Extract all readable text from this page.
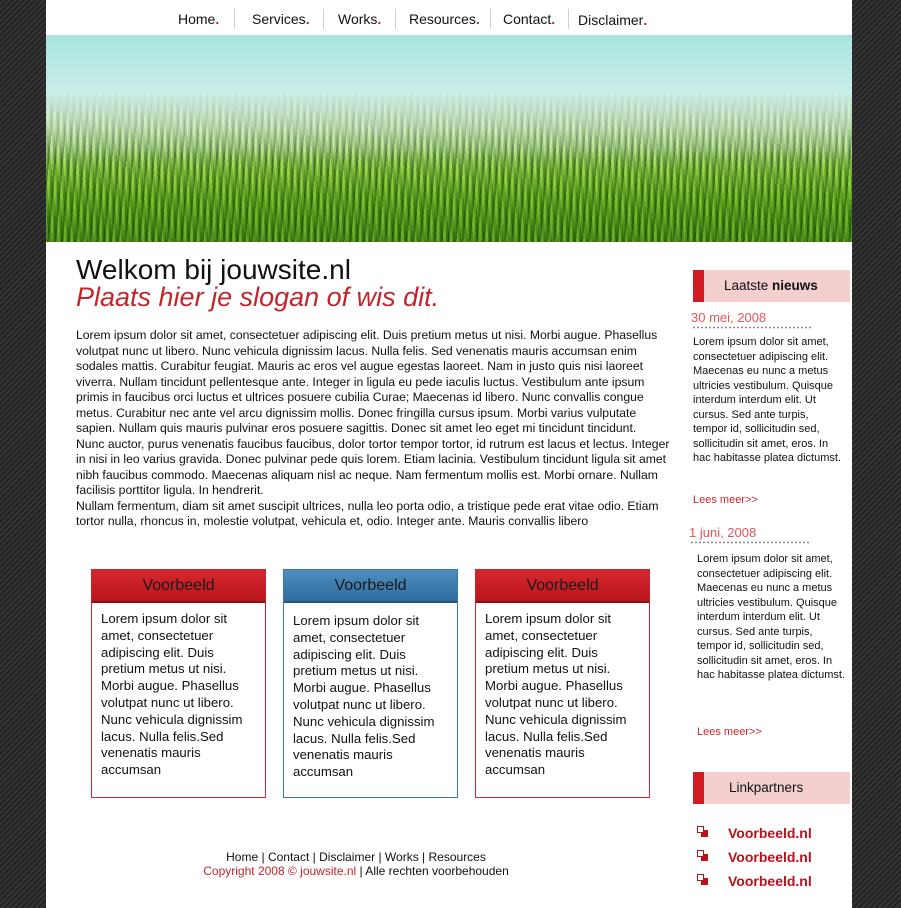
Home. Services. Works. Resources. Contact. Disclaimer.
Welkom bij jouwsite.nl
Plaats hier je slogan of wis dit.

Lorem ipsum dolor sit amet, consectetuer adipiscing elit. Duis pretium metus ut nisi. Morbi augue. Phasellus volutpat nunc ut libero. Nunc vehicula dignissim lacus. Nulla felis. Sed venenatis mauris accumsan enim sodales mattis. Curabitur feugiat. Mauris ac eros vel augue egestas laoreet. Nam in justo quis nisi laoreet viverra. Nullam tincidunt pellentesque ante. Integer in ligula eu pede iaculis luctus. Vestibulum ante ipsum primis in faucibus orci luctus et ultrices posuere cubilia Curae; Maecenas id libero. Nunc convallis congue metus. Curabitur nec ante vel arcu dignissim mollis. Donec fringilla cursus ipsum. Morbi varius vulputate sapien. Nullam quis mauris pulvinar eros posuere sagittis. Donec sit amet leo eget mi tincidunt tincidunt.

Nunc auctor, purus venenatis faucibus faucibus, dolor tortor tempor tortor, id rutrum est lacus et lectus. Integer in nisi in leo varius gravida. Donec pulvinar pede quis lorem. Etiam lacinia. Vestibulum tincidunt ligula sit amet nibh faucibus commodo. Maecenas aliquam nisl ac neque. Nam fermentum mollis est. Morbi ornare. Nullam facilisis porttitor ligula. In hendrerit.

Nullam fermentum, diam sit amet suscipit ultrices, nulla leo porta odio, a tristique pede erat vitae odio. Etiam tortor nulla, rhoncus in, molestie volutpat, vehicula et, odio. Integer ante. Mauris convallis libero

Voorbeeld
Lorem ipsum dolor sit amet, consectetuer adipiscing elit. Duis pretium metus ut nisi. Morbi augue. Phasellus volutpat nunc ut libero. Nunc vehicula dignissim lacus. Nulla felis.Sed venenatis mauris accumsan
Voorbeeld
Lorem ipsum dolor sit amet, consectetuer adipiscing elit. Duis pretium metus ut nisi. Morbi augue. Phasellus volutpat nunc ut libero. Nunc vehicula dignissim lacus. Nulla felis.Sed venenatis mauris accumsan
Voorbeeld
Lorem ipsum dolor sit amet, consectetuer adipiscing elit. Duis pretium metus ut nisi. Morbi augue. Phasellus volutpat nunc ut libero. Nunc vehicula dignissim lacus. Nulla felis.Sed venenatis mauris accumsan
Home | Contact | Disclaimer | Works | Resources
Copyright 2008 © jouwsite.nl | Alle rechten voorbehouden
Laatste nieuws
30 mei, 2008
Lorem ipsum dolor sit amet, consectetuer adipiscing elit. Maecenas eu nunc a metus ultricies vestibulum. Quisque interdum interdum elit. Ut cursus. Sed ante turpis, tempor id, sollicitudin sed, sollicitudin sit amet, eros. In hac habitasse platea dictumst.
Lees meer>>
1 juni, 2008
Lorem ipsum dolor sit amet, consectetuer adipiscing elit. Maecenas eu nunc a metus ultricies vestibulum. Quisque interdum interdum elit. Ut cursus. Sed ante turpis, tempor id, sollicitudin sed, sollicitudin sit amet, eros. In hac habitasse platea dictumst.
Lees meer>>
Linkpartners
Voorbeeld.nl
Voorbeeld.nl
Voorbeeld.nl
